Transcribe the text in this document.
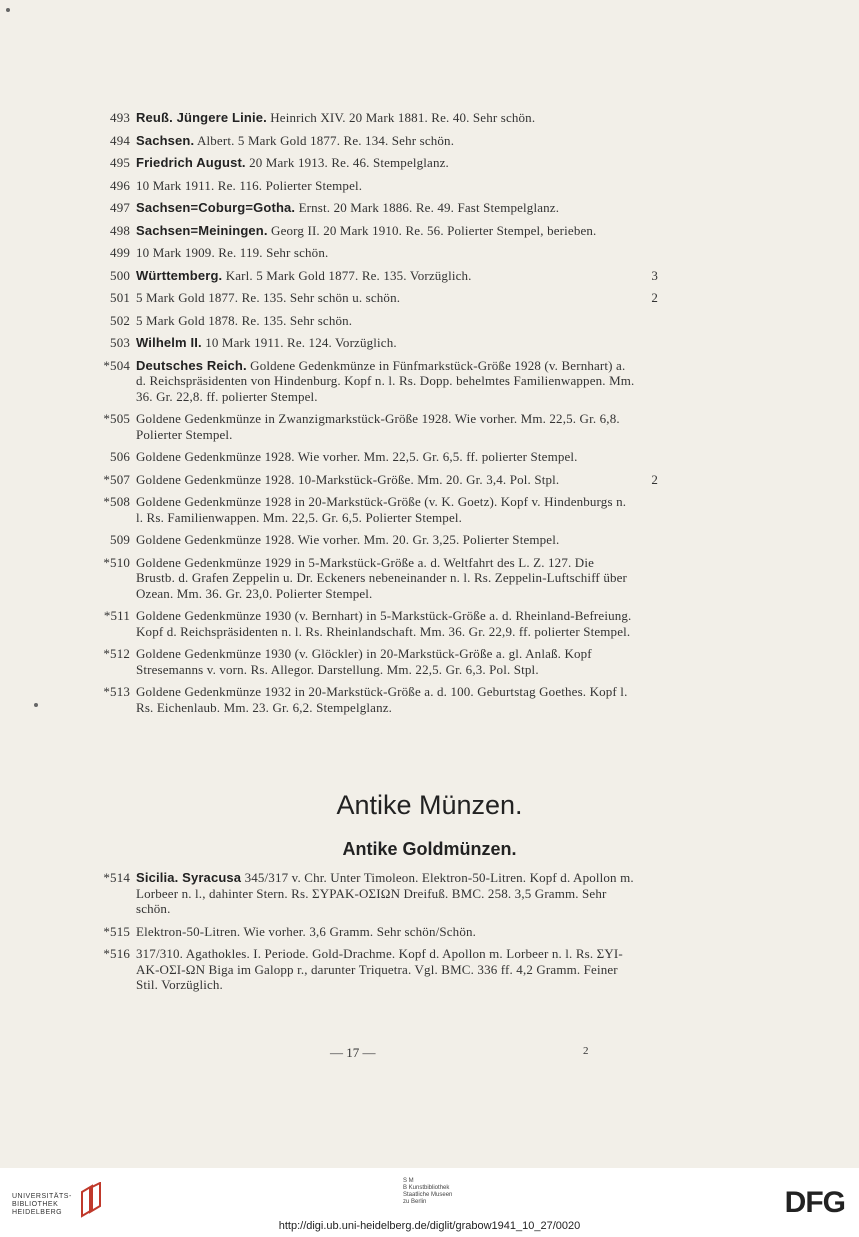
493 Reuß. Jüngere Linie. Heinrich XIV. 20 Mark 1881. Re. 40. Sehr schön.
494 Sachsen. Albert. 5 Mark Gold 1877. Re. 134. Sehr schön.
495 Friedrich August. 20 Mark 1913. Re. 46. Stempelglanz.
496 10 Mark 1911. Re. 116. Polierter Stempel.
497 Sachsen=Coburg=Gotha. Ernst. 20 Mark 1886. Re. 49. Fast Stempelglanz.
498 Sachsen=Meiningen. Georg II. 20 Mark 1910. Re. 56. Polierter Stempel, berieben.
499 10 Mark 1909. Re. 119. Sehr schön.
500 Württemberg. Karl. 5 Mark Gold 1877. Re. 135. Vorzüglich.	3
501 5 Mark Gold 1877. Re. 135. Sehr schön u. schön.	2
502 5 Mark Gold 1878. Re. 135. Sehr schön.
503 Wilhelm II. 10 Mark 1911. Re. 124. Vorzüglich.
*504 Deutsches Reich. Goldene Gedenkmünze in Fünfmarkstück-Größe 1928 (v. Bernhart) a. d. Reichspräsidenten von Hindenburg. Kopf n. l. Rs. Dopp. behelmtes Familienwappen. Mm. 36. Gr. 22,8. ff. polierter Stempel.
*505 Goldene Gedenkmünze in Zwanzigmarkstück-Größe 1928. Wie vorher. Mm. 22,5. Gr. 6,8. Polierter Stempel.
506 Goldene Gedenkmünze 1928. Wie vorher. Mm. 22,5. Gr. 6,5. ff. polierter Stempel.
*507 Goldene Gedenkmünze 1928. 10-Markstück-Größe. Mm. 20. Gr. 3,4. Pol. Stpl.	2
*508 Goldene Gedenkmünze 1928 in 20-Markstück-Größe (v. K. Goetz). Kopf v. Hindenburgs n. l. Rs. Familienwappen. Mm. 22,5. Gr. 6,5. Polierter Stempel.
509 Goldene Gedenkmünze 1928. Wie vorher. Mm. 20. Gr. 3,25. Polierter Stempel.
*510 Goldene Gedenkmünze 1929 in 5-Markstück-Größe a. d. Weltfahrt des L. Z. 127. Die Brustb. d. Grafen Zeppelin u. Dr. Eckeners nebeneinander n. l. Rs. Zeppelin-Luftschiff über Ozean. Mm. 36. Gr. 23,0. Polierter Stempel.
*511 Goldene Gedenkmünze 1930 (v. Bernhart) in 5-Markstück-Größe a. d. Rheinland-Befreiung. Kopf d. Reichspräsidenten n. l. Rs. Rheinlandschaft. Mm. 36. Gr. 22,9. ff. polierter Stempel.
*512 Goldene Gedenkmünze 1930 (v. Glöckler) in 20-Markstück-Größe a. gl. Anlaß. Kopf Stresemanns v. vorn. Rs. Allegor. Darstellung. Mm. 22,5. Gr. 6,3. Pol. Stpl.
*513 Goldene Gedenkmünze 1932 in 20-Markstück-Größe a. d. 100. Geburtstag Goethes. Kopf l. Rs. Eichenlaub. Mm. 23. Gr. 6,2. Stempelglanz.
Antike Münzen.
Antike Goldmünzen.
*514 Sicilia. Syracusa 345/317 v. Chr. Unter Timoleon. Elektron-50-Litren. Kopf d. Apollon m. Lorbeer n. l., dahinter Stern. Rs. ΣΥΡΑΚ-ΟΣΙΩΝ Dreifuß. BMC. 258. 3,5 Gramm. Sehr schön.
*515 Elektron-50-Litren. Wie vorher. 3,6 Gramm. Sehr schön/Schön.
*516 317/310. Agathokles. I. Periode. Gold-Drachme. Kopf d. Apollon m. Lorbeer n. l. Rs. ΣΥΙ-ΑΚ-ΟΣΙ-ΩΝ Biga im Galopp r., darunter Triquetra. Vgl. BMC. 336 ff. 4,2 Gramm. Feiner Stil. Vorzüglich.
— 17 —	2
UNIVERSITÄTS-
BIBLIOTHEK
HEIDELBERG
S M
B Kunstbibliothek
Staatliche Museen
zu Berlin	DFG
http://digi.ub.uni-heidelberg.de/diglit/grabow1941_10_27/0020
